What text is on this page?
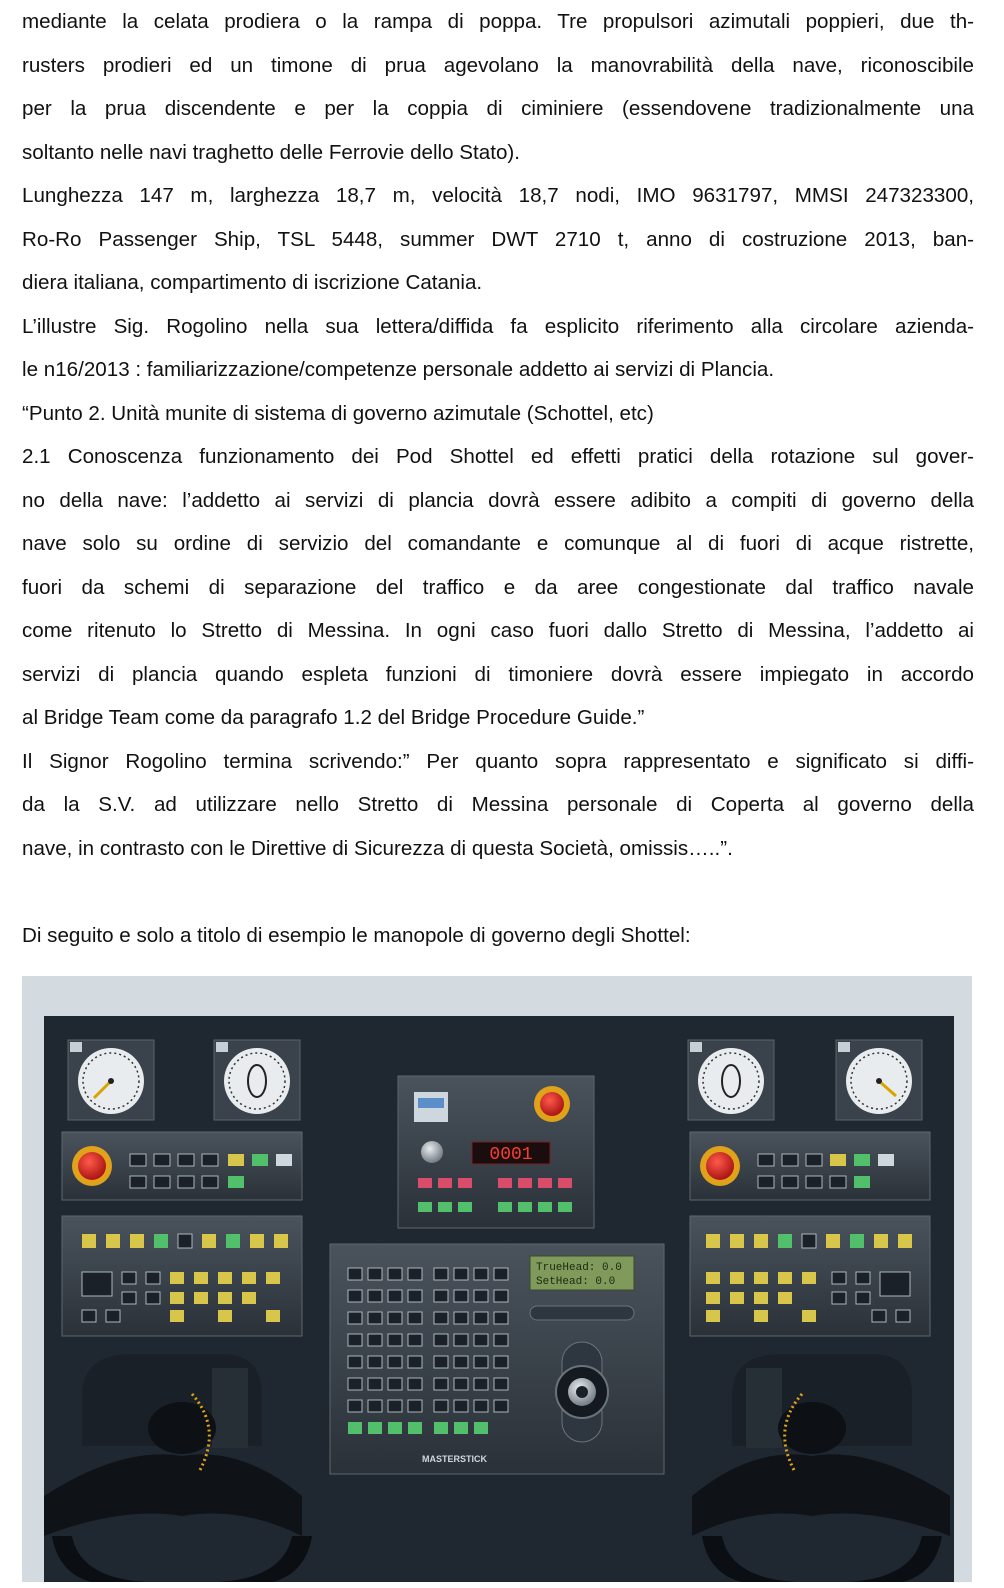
mediante la celata prodiera o la rampa di poppa. Tre propulsori azimutali poppieri, due th-
rusters prodieri ed un timone di prua agevolano la manovrabilità della nave, riconoscibile
per la prua discendente e per la coppia di ciminiere (essendovene tradizionalmente una
soltanto nelle navi traghetto delle Ferrovie dello Stato).
Lunghezza 147 m, larghezza 18,7 m, velocità 18,7 nodi, IMO 9631797, MMSI 247323300,
Ro-Ro Passenger Ship, TSL 5448, summer DWT 2710 t, anno di costruzione 2013, ban-
diera italiana, compartimento di iscrizione Catania.
L’illustre Sig. Rogolino nella sua lettera/diffida fa esplicito riferimento alla circolare azienda-
le n16/2013 : familiarizzazione/competenze personale addetto ai servizi di Plancia.
“Punto 2. Unità munite di sistema di governo azimutale (Schottel, etc)
2.1 Conoscenza funzionamento dei Pod Shottel ed effetti pratici della rotazione sul gover-
no della nave: l’addetto ai servizi di plancia dovrà essere adibito a compiti di governo della
nave solo su ordine di servizio del comandante e comunque al di fuori di acque ristrette,
fuori da schemi di separazione del traffico e da aree congestionate dal traffico navale
come ritenuto lo Stretto di Messina. In ogni caso fuori dallo Stretto di Messina, l’addetto ai
servizi di plancia quando espleta funzioni di timoniere dovrà essere impiegato in accordo
al Bridge Team come da paragrafo 1.2 del Bridge Procedure Guide.”
Il Signor Rogolino termina scrivendo:” Per quanto sopra rappresentato e significato si diffi-
da la S.V. ad utilizzare nello Stretto di Messina personale di Coperta al governo della
nave, in contrasto con le Direttive di Sicurezza di questa Società, omissis…..”.
Di seguito e solo a titolo di esempio le manopole di governo degli Shottel:
0001
TrueHead: 0.0
SetHead: 0.0
MASTERSTICK
